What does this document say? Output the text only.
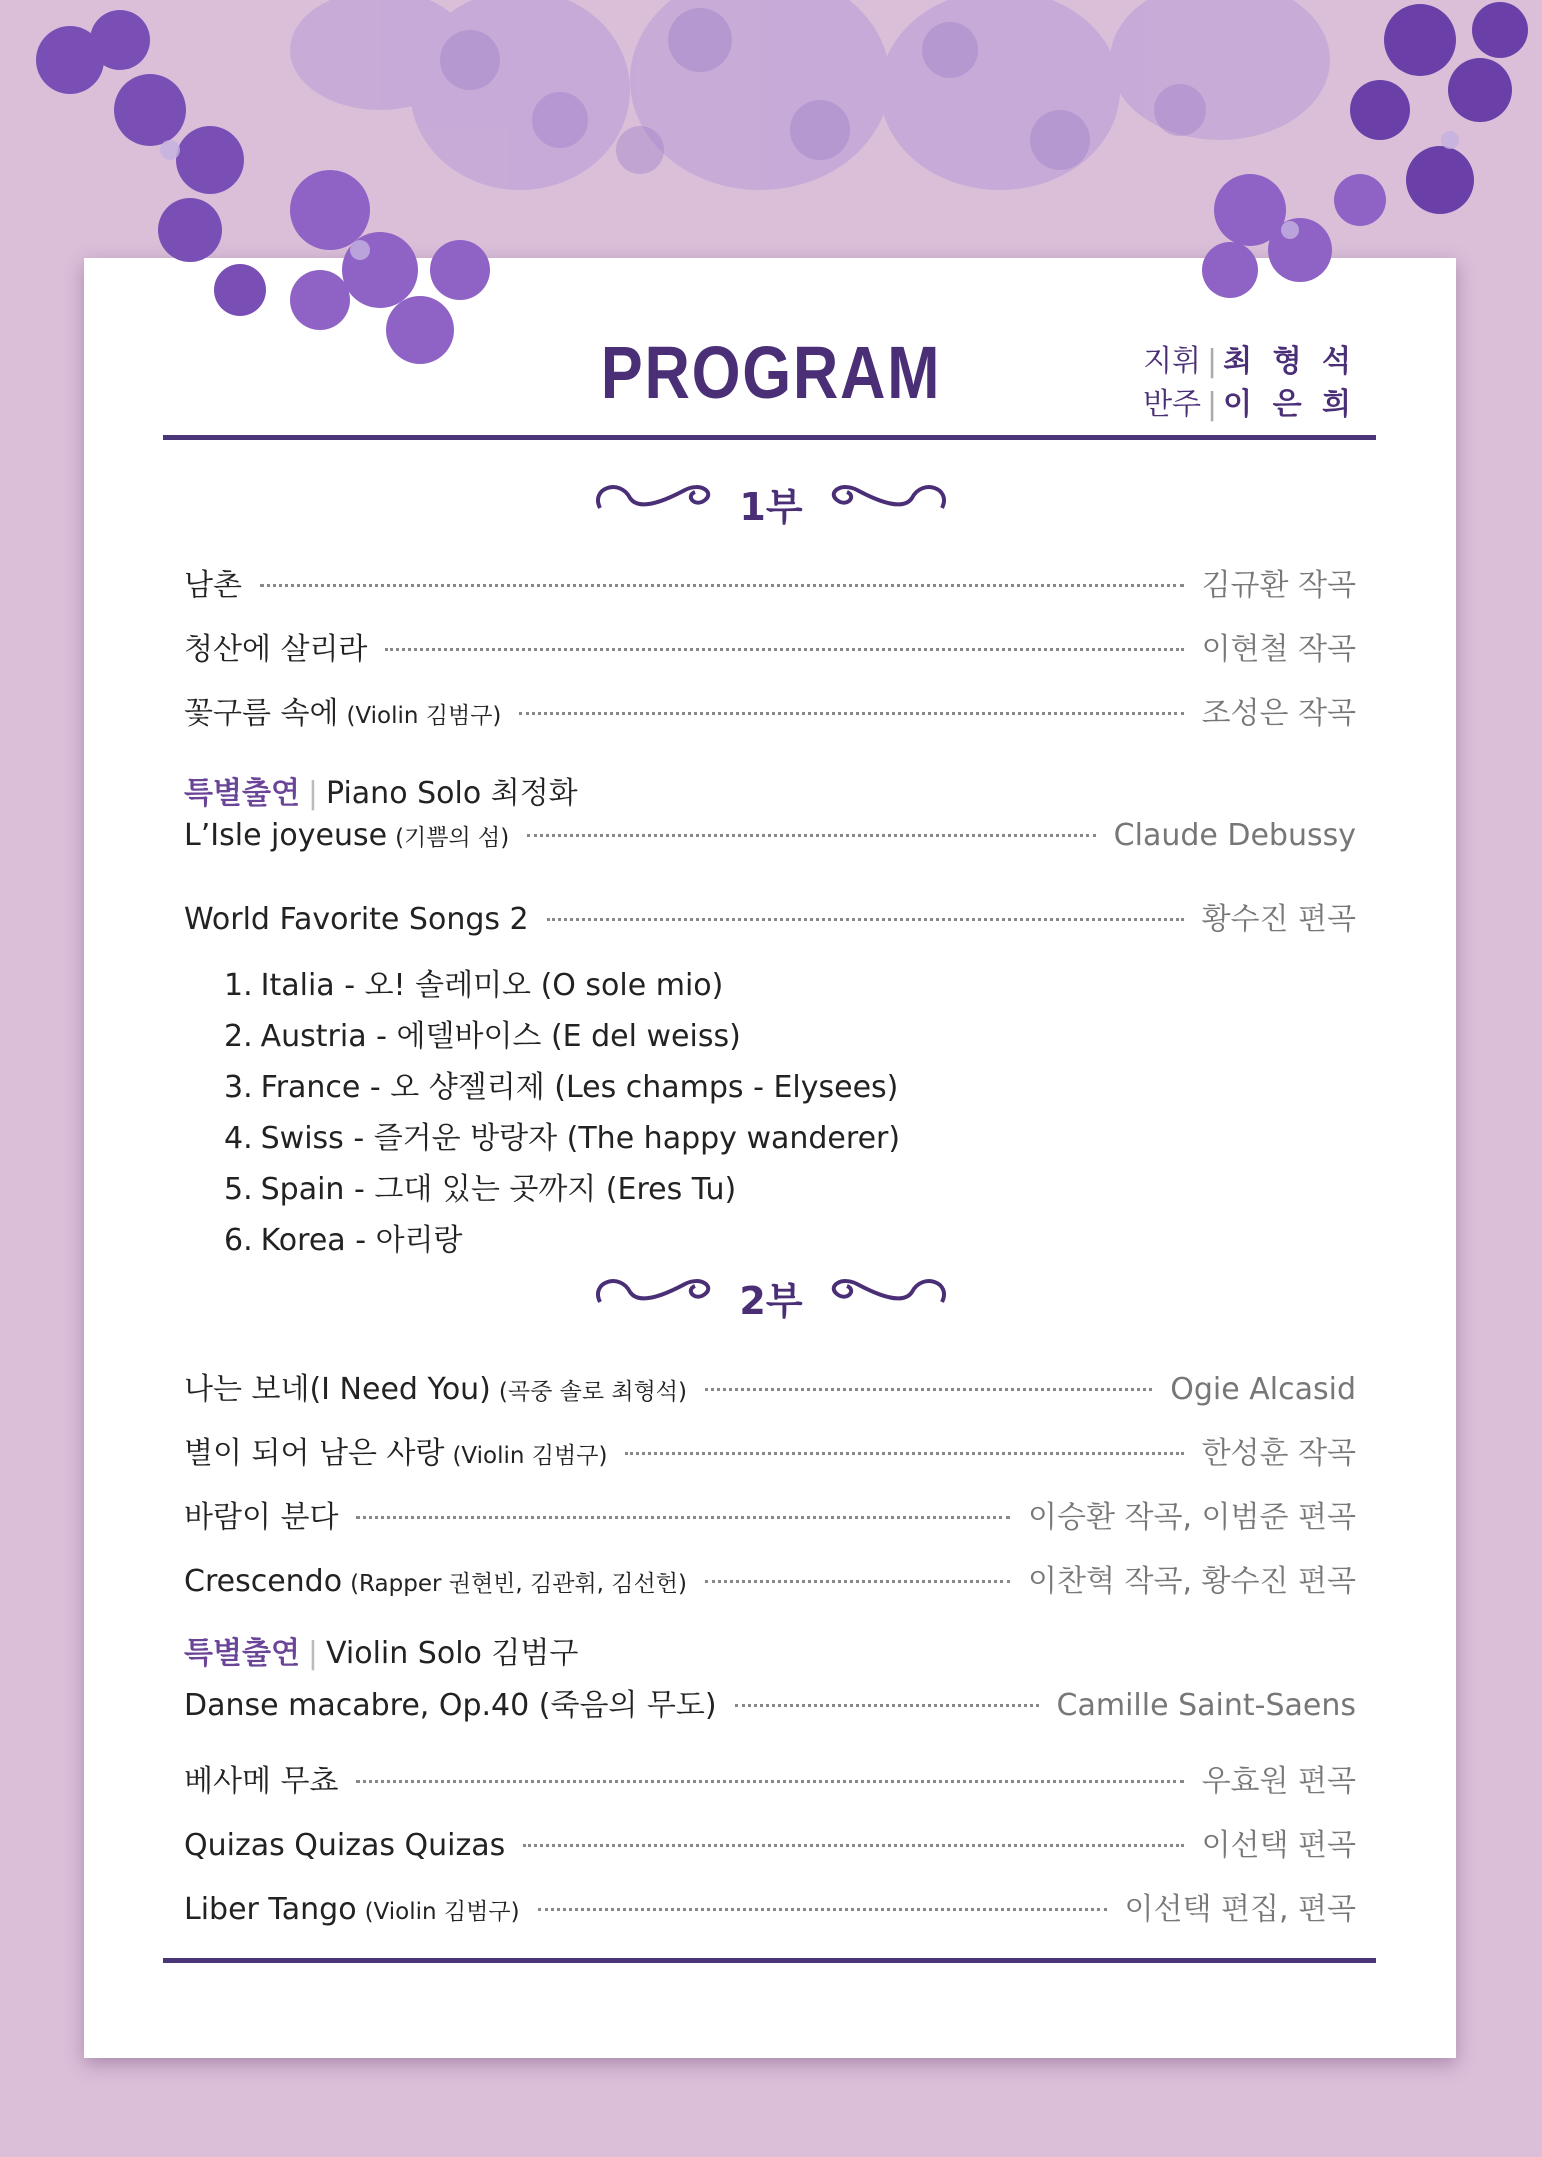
PROGRAM	지휘 | 최 형 석
반주 | 이 은 희
1부
남촌	김규환 작곡
청산에 살리라	이현철 작곡
꽃구름 속에 (Violin 김범구)	조성은 작곡
특별출연 | Piano Solo 최정화
L’Isle joyeuse (기쁨의 섬)	Claude Debussy
World Favorite Songs 2	황수진 편곡
1. Italia - 오! 솔레미오 (O sole mio)
2. Austria - 에델바이스 (E del weiss)
3. France - 오 샹젤리제 (Les champs - Elysees)
4. Swiss - 즐거운 방랑자 (The happy wanderer)
5. Spain - 그대 있는 곳까지 (Eres Tu)
6. Korea - 아리랑
2부
나는 보네(I Need You) (곡중 솔로 최형석)	Ogie Alcasid
별이 되어 남은 사랑 (Violin 김범구)	한성훈 작곡
바람이 분다	이승환 작곡, 이범준 편곡
Crescendo (Rapper 권현빈, 김관휘, 김선헌)	이찬혁 작곡, 황수진 편곡
특별출연 | Violin Solo 김범구
Danse macabre, Op.40 (죽음의 무도)	Camille Saint-Saens
베사메 무쵸	우효원 편곡
Quizas Quizas Quizas	이선택 편곡
Liber Tango (Violin 김범구)	이선택 편집, 편곡
